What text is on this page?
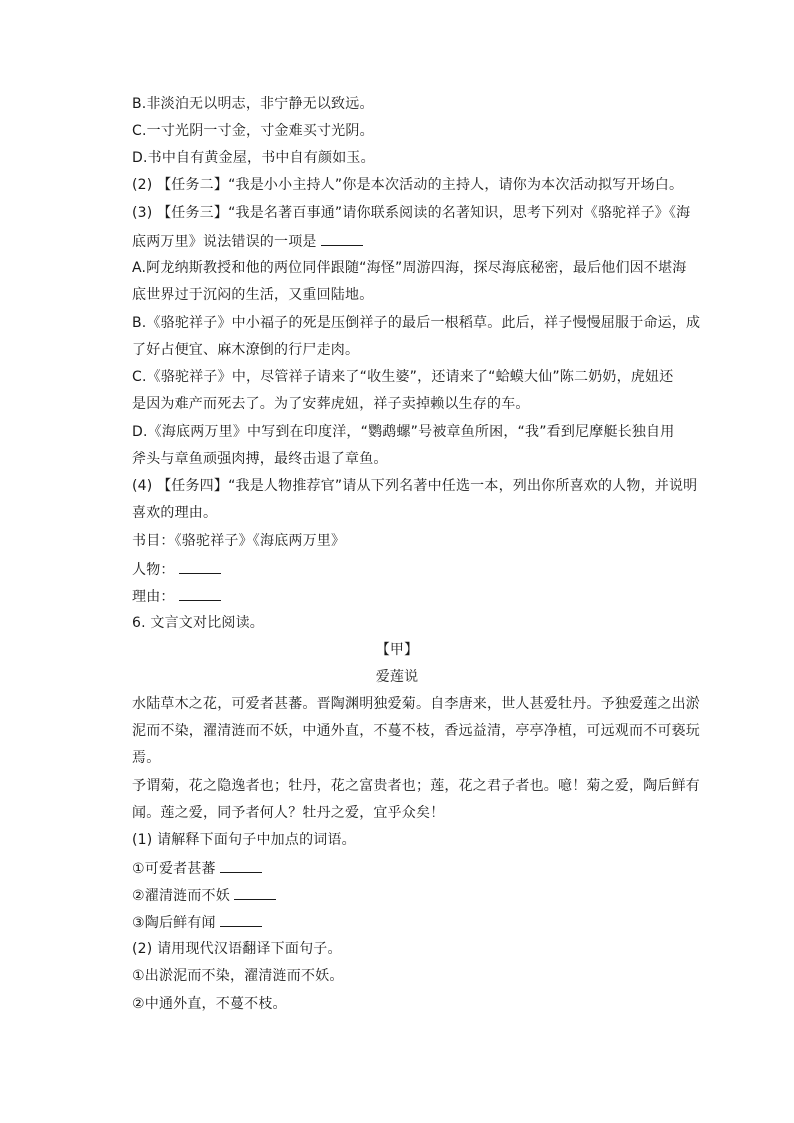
B.非淡泊无以明志，非宁静无以致远。
C.一寸光阴一寸金，寸金难买寸光阴。
D.书中自有黄金屋，书中自有颜如玉。
(2) 【任务二】“我是小小主持人”你是本次活动的主持人，请你为本次活动拟写开场白。
(3) 【任务三】“我是名著百事通”请你联系阅读的名著知识，思考下列对《骆驼祥子》《海
底两万里》说法错误的一项是
A.阿龙纳斯教授和他的两位同伴跟随“海怪”周游四海，探尽海底秘密，最后他们因不堪海
底世界过于沉闷的生活，又重回陆地。
B.《骆驼祥子》中小福子的死是压倒祥子的最后一根稻草。此后，祥子慢慢屈服于命运，成
了好占便宜、麻木潦倒的行尸走肉。
C.《骆驼祥子》中，尽管祥子请来了“收生婆”，还请来了“蛤蟆大仙”陈二奶奶，虎妞还
是因为难产而死去了。为了安葬虎妞，祥子卖掉赖以生存的车。
D.《海底两万里》中写到在印度洋，“鹦鹉螺”号被章鱼所困，“我”看到尼摩艇长独自用
斧头与章鱼顽强肉搏，最终击退了章鱼。
(4) 【任务四】“我是人物推荐官”请从下列名著中任选一本，列出你所喜欢的人物，并说明
喜欢的理由。
书目：《骆驼祥子》《海底两万里》
人物：
理由：
6. 文言文对比阅读。
【甲】
爱莲说
水陆草木之花，可爱者甚蕃。晋陶渊明独爱菊。自李唐来，世人甚爱牡丹。予独爱莲之出淤
泥而不染，濯清涟而不妖，中通外直，不蔓不枝，香远益清，亭亭净植，可远观而不可亵玩
焉。
予谓菊，花之隐逸者也；牡丹，花之富贵者也；莲，花之君子者也。噫！菊之爱，陶后鲜有
闻。莲之爱，同予者何人？牡丹之爱，宜乎众矣！
(1) 请解释下面句子中加点的词语。
①可爱者甚蕃
②濯清涟而不妖
③陶后鲜有闻
(2) 请用现代汉语翻译下面句子。
①出淤泥而不染，濯清涟而不妖。
②中通外直，不蔓不枝。
